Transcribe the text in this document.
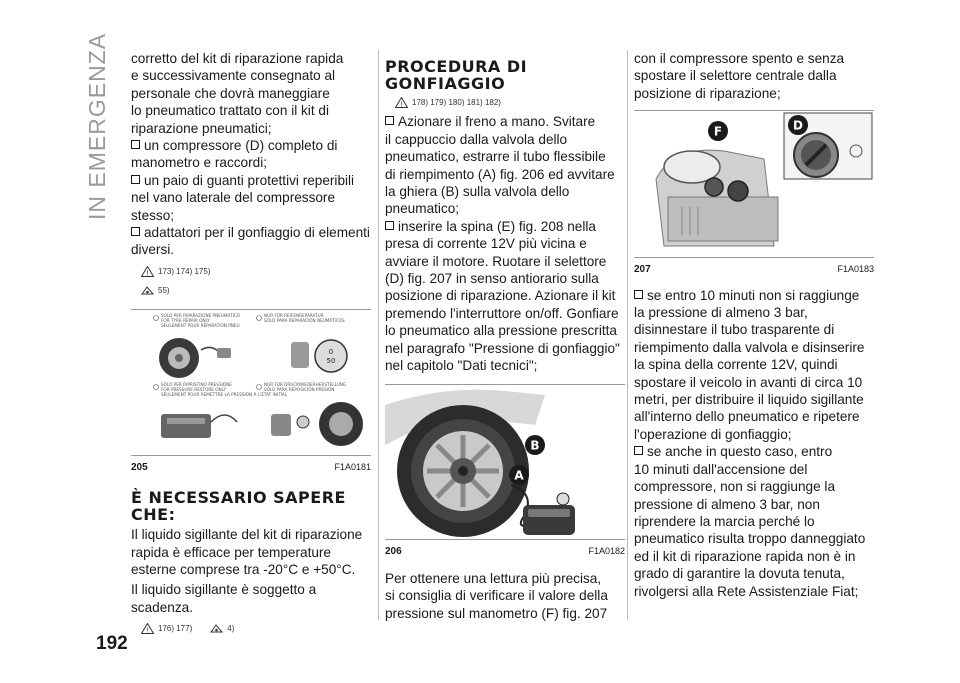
IN EMERGENZA corretto del kit di riparazione rapida

e successivamente consegnato al

personale che dovrà maneggiare

lo pneumatico trattato con il kit di

riparazione pneumatici;

un compressore (D) completo di

manometro e raccordi;

un paio di guanti protettivi reperibili

nel vano laterale del compressore

stesso;

adattatori per il gonfiaggio di elementi

diversi.

! 173) 174) 175)
55)
SOLO PER RIPARAZIONE PNEUMATICO
FOR TYRE REPAIR ONLY
SEULEMENT POUR RÉPARATION PNEU
NUR FÜR REIFENREPARATUR
SOLO PARA REPARACIÓN NEUMÁTICOS
SOLO PER RIPRISTINO PRESSIONE
FOR PRESSURE RESTORE ONLY
SEULEMENT POUR REMETTRE LA PRESSION À L'ÉTAT INITIAL
NUR FÜR DRUCKWIEDERHERSTELLUNG
SÓLO PARA REPOSICIÓN PRESIÓN
0
50
205	F1A0181

È NECESSARIO SAPERE

CHE:

Il liquido sigillante del kit di riparazione

rapida è efficace per temperature

esterne comprese tra -20°C e +50°C.

Il liquido sigillante è soggetto a

scadenza.

! 176) 177)	4)

PROCEDURA DI

GONFIAGGIO

! 178) 179) 180) 181) 182)

Azionare il freno a mano. Svitare

il cappuccio dalla valvola dello

pneumatico, estrarre il tubo flessibile

di riempimento (A) fig. 206 ed avvitare

la ghiera (B) sulla valvola dello

pneumatico;

inserire la spina (E) fig. 208 nella

presa di corrente 12V più vicina e

avviare il motore. Ruotare il selettore

(D) fig. 207 in senso antiorario sulla

posizione di riparazione. Azionare il kit

premendo l'interruttore on/off. Gonfiare

lo pneumatico alla pressione prescritta

nel paragrafo "Pressione di gonfiaggio"

nel capitolo "Dati tecnici";

B
A
206	F1A0182

Per ottenere una lettura più precisa,

si consiglia di verificare il valore della

pressione sul manometro (F) fig. 207

con il compressore spento e senza

spostare il selettore centrale dalla

posizione di riparazione;

F	D
207	F1A0183

se entro 10 minuti non si raggiunge

la pressione di almeno 3 bar,

disinnestare il tubo trasparente di

riempimento dalla valvola e disinserire

la spina della corrente 12V, quindi

spostare il veicolo in avanti di circa 10

metri, per distribuire il liquido sigillante

all'interno dello pneumatico e ripetere

l'operazione di gonfiaggio;

se anche in questo caso, entro

10 minuti dall'accensione del

compressore, non si raggiunge la

pressione di almeno 3 bar, non

riprendere la marcia perché lo

pneumatico risulta troppo danneggiato

ed il kit di riparazione rapida non è in

grado di garantire la dovuta tenuta,

rivolgersi alla Rete Assistenziale Fiat;

192
